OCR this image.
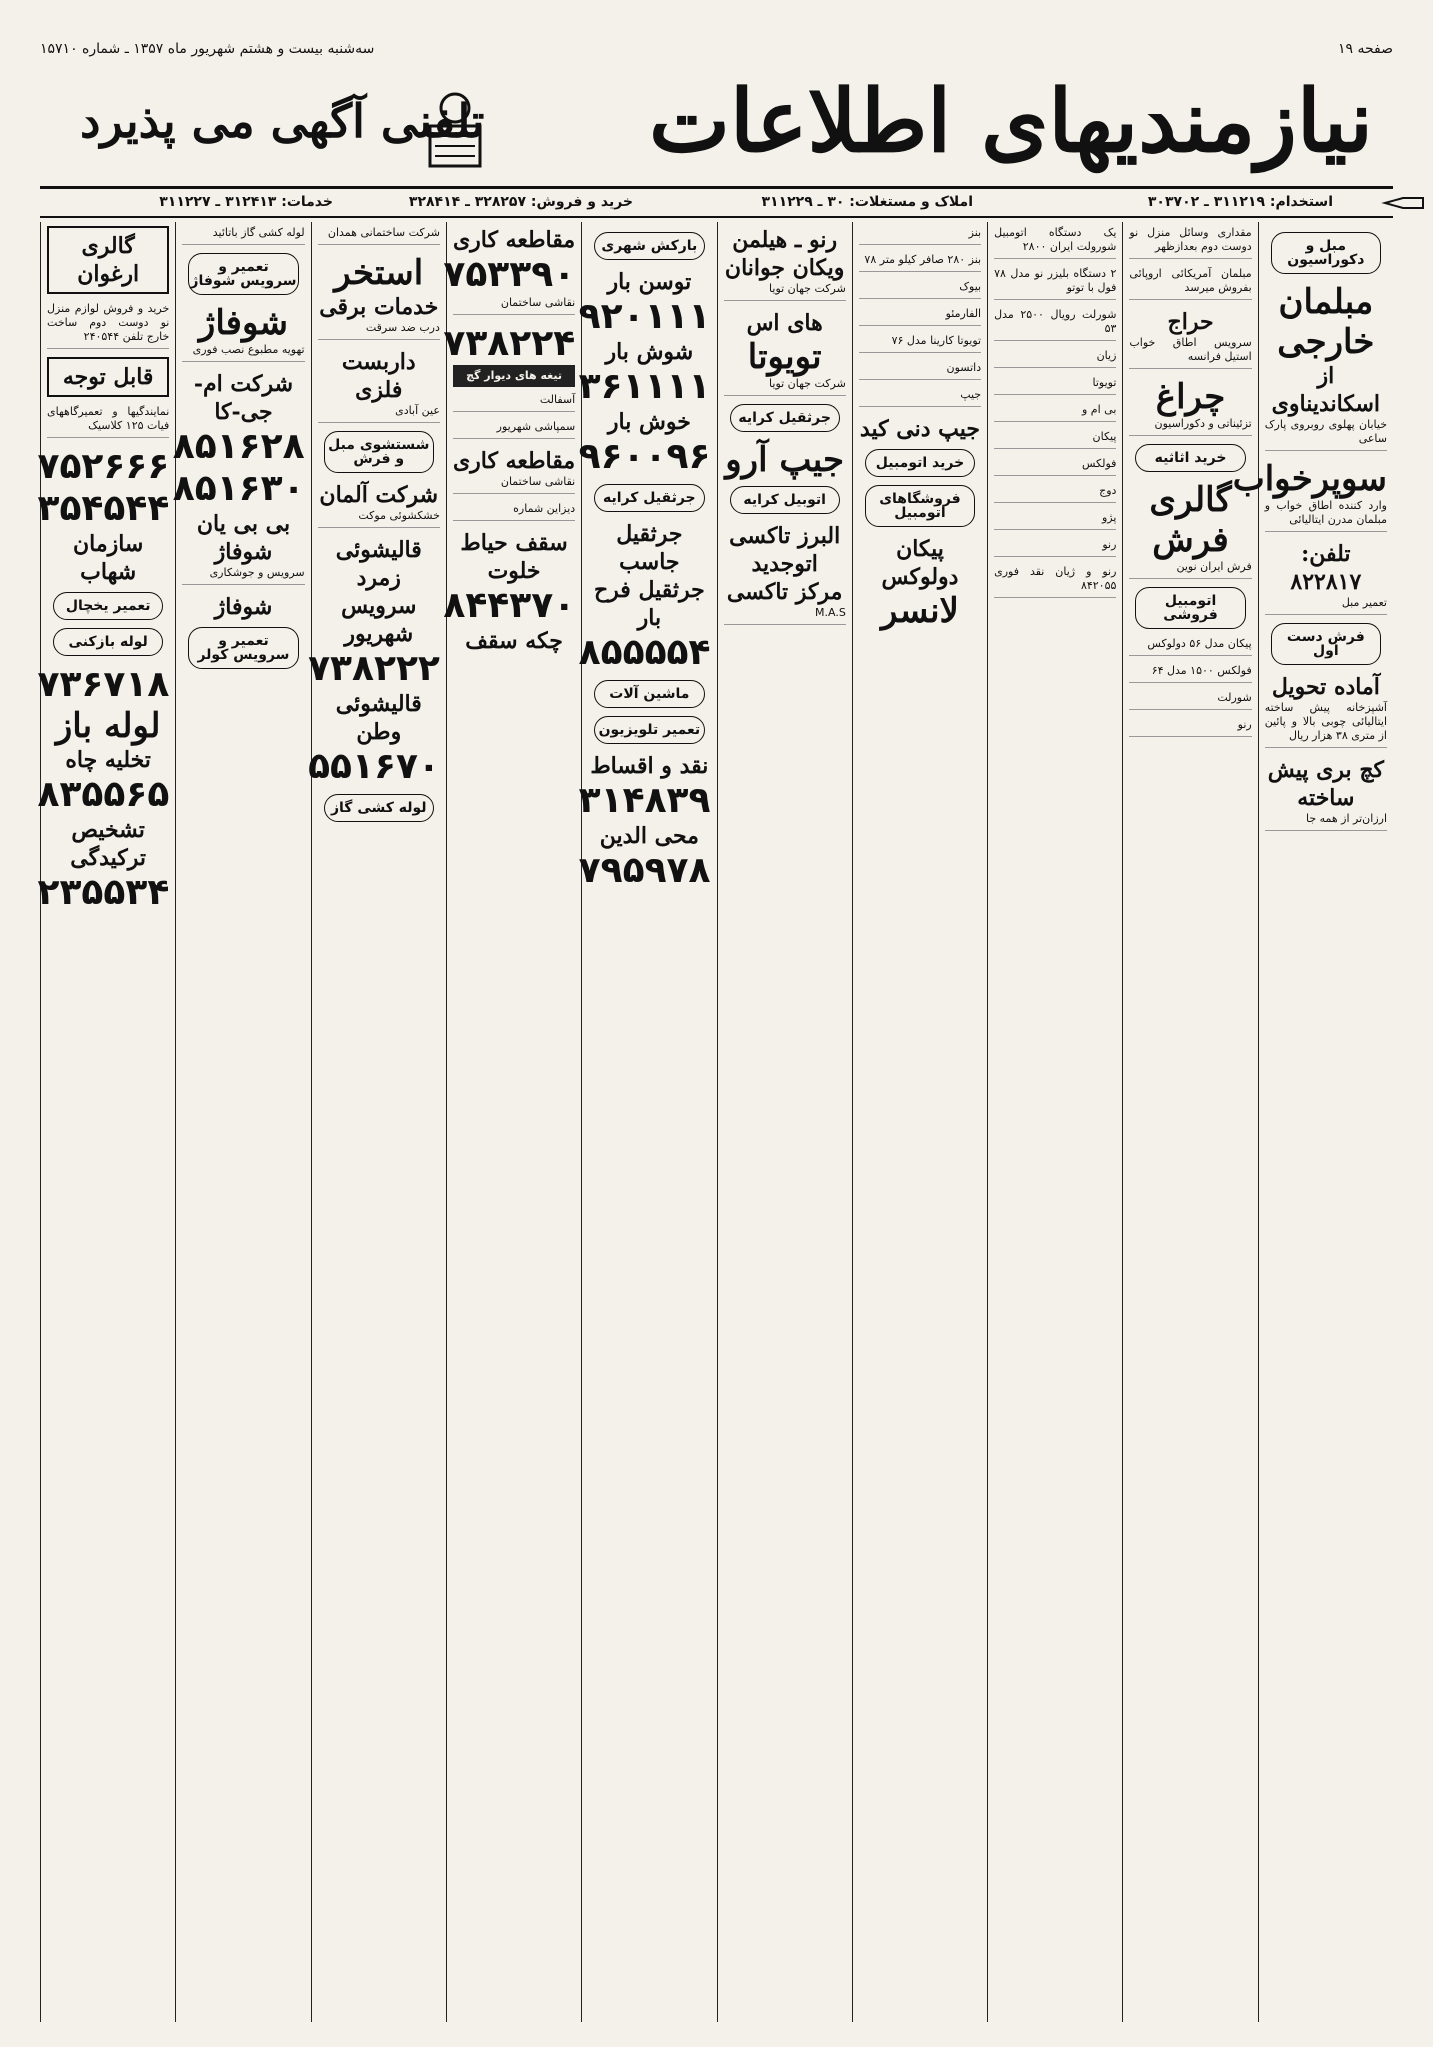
صفحه ۱۹
سه‌شنبه بیست و هشتم شهریور ماه ۱۳۵۷ ـ شماره ۱۵۷۱۰
نیازمندیهای اطلاعات
تلفنی آگهی می پذیرد
استخدام: ۳۱۱۲۱۹ ـ ۳۰۳۷۰۲
املاک و مستغلات: ۳۰ ـ ۳۱۱۲۲۹
خرید و فروش: ۳۲۸۲۵۷ ـ ۳۲۸۴۱۴
خدمات: ۳۱۲۴۱۳ ـ ۳۱۱۲۲۷
مبل و دکوراسیون
مبلمان خارجی
از اسکاندیناوی
خیابان پهلوی روبروی پارک ساعی
سوپرخواب
وارد کننده اطاق خواب و مبلمان مدرن ایتالیائی
تلفن: ۸۲۲۸۱۷
تعمیر مبل
فرش دست اول
آماده تحویل
آشپزخانه پیش ساخته ایتالیائی چوبی بالا و پائین از متری ۳۸ هزار ریال
کچ بری پیش ساخته
ارزان‌تر از همه جا
مقداری وسائل منزل نو دوست دوم بعدازظهر
مبلمان آمریکائی اروپائی بفروش میرسد
حراج
سرویس اطاق خواب استیل فرانسه
چراغ
تزئیناتی و دکوراسیون
خرید اثاثیه
گالری فرش
فرش ایران نوین
اتومبیل فروشی
پیکان مدل ۵۶ دولوکس
فولکس ۱۵۰۰ مدل ۶۴
شورلت
رنو
یک دستگاه اتومبیل شورولت ایران ۲۸۰۰
۲ دستگاه بلیزر نو مدل ۷۸ فول با توتو
شورلت رویال ۲۵۰۰ مدل ۵۳
زیان
تویوتا
بی ام و
پیکان
فولکس
دوج
پژو
رنو
رنو و ژیان نقد فوری ۸۴۲۰۵۵
بنز
بنز ۲۸۰ صافر کیلو متر ۷۸
بیوک
الفارمئو
تویوتا کارینا مدل ۷۶
داتسون
جیپ
جیپ دنی کید
خرید اتومبیل
فروشگاهای اتومبیل
پیکان دولوکس
لانسر
رنو ـ هیلمن
ویکان جوانان
شرکت جهان تویا
های اس
تویوتا
شرکت جهان تویا
جرثقیل کرایه
جیپ آرو
اتوبیل کرایه
البرز تاکسی
اتوجدید
مرکز تاکسی
M.A.S
بارکش شهری
توسن بار
۹۲۰۱۱۱
شوش بار
۳۶۱۱۱۱
خوش بار
۹۶۰۰۹۶
جرثقیل کرایه
جرثقیل جاسب
جرثقیل فرح بار
۸۵۵۵۵۴
ماشین آلات
تعمیر تلویزیون
نقد و اقساط
۳۱۴۸۳۹
محی الدین
۷۹۵۹۷۸
مقاطعه کاری
۷۵۳۳۹۰
نقاشی ساختمان
۷۳۸۲۲۴
تیغه های دیوار گچ
آسفالت
سمپاشی شهریور
مقاطعه کاری
نقاشی ساختمان
دیزاین شماره
سقف حیاط خلوت
۸۴۴۳۷۰
چکه سقف
شرکت ساختمانی همدان
استخر
خدمات برقی
درب ضد سرقت
داربست فلزی
عین آبادی
شستشوی مبل و فرش
شرکت آلمان
خشکشوئی موکت
قالیشوئی زمرد
سرویس شهریور
۷۳۸۲۲۲
قالیشوئی وطن
۵۵۱۶۷۰
لوله کشی گاز
لوله کشی گاز باتائید
تعمیر و سرویس شوفاژ
شوفاژ
تهویه مطبوع نصب فوری
شرکت ام-جی-کا
۸۵۱۶۲۸
۸۵۱۶۳۰
بی بی یان شوفاژ
سرویس و جوشکاری
شوفاژ
تعمیر و سرویس کولر
گالری ارغوان
خرید و فروش لوازم منزل نو دوست دوم ساخت خارج تلفن ۲۴۰۵۴۴
قابل توجه
نمایندگیها و تعمیرگاههای فیات ۱۲۵ کلاسیک
۷۵۲۶۶۶
۳۵۴۵۴۴
سازمان شهاب
تعمیر یخچال
لوله بازکنی
۷۳۶۷۱۸
لوله باز
تخلیه چاه
۸۳۵۵۶۵
تشخیص ترکیدگی
۲۳۵۵۳۴
